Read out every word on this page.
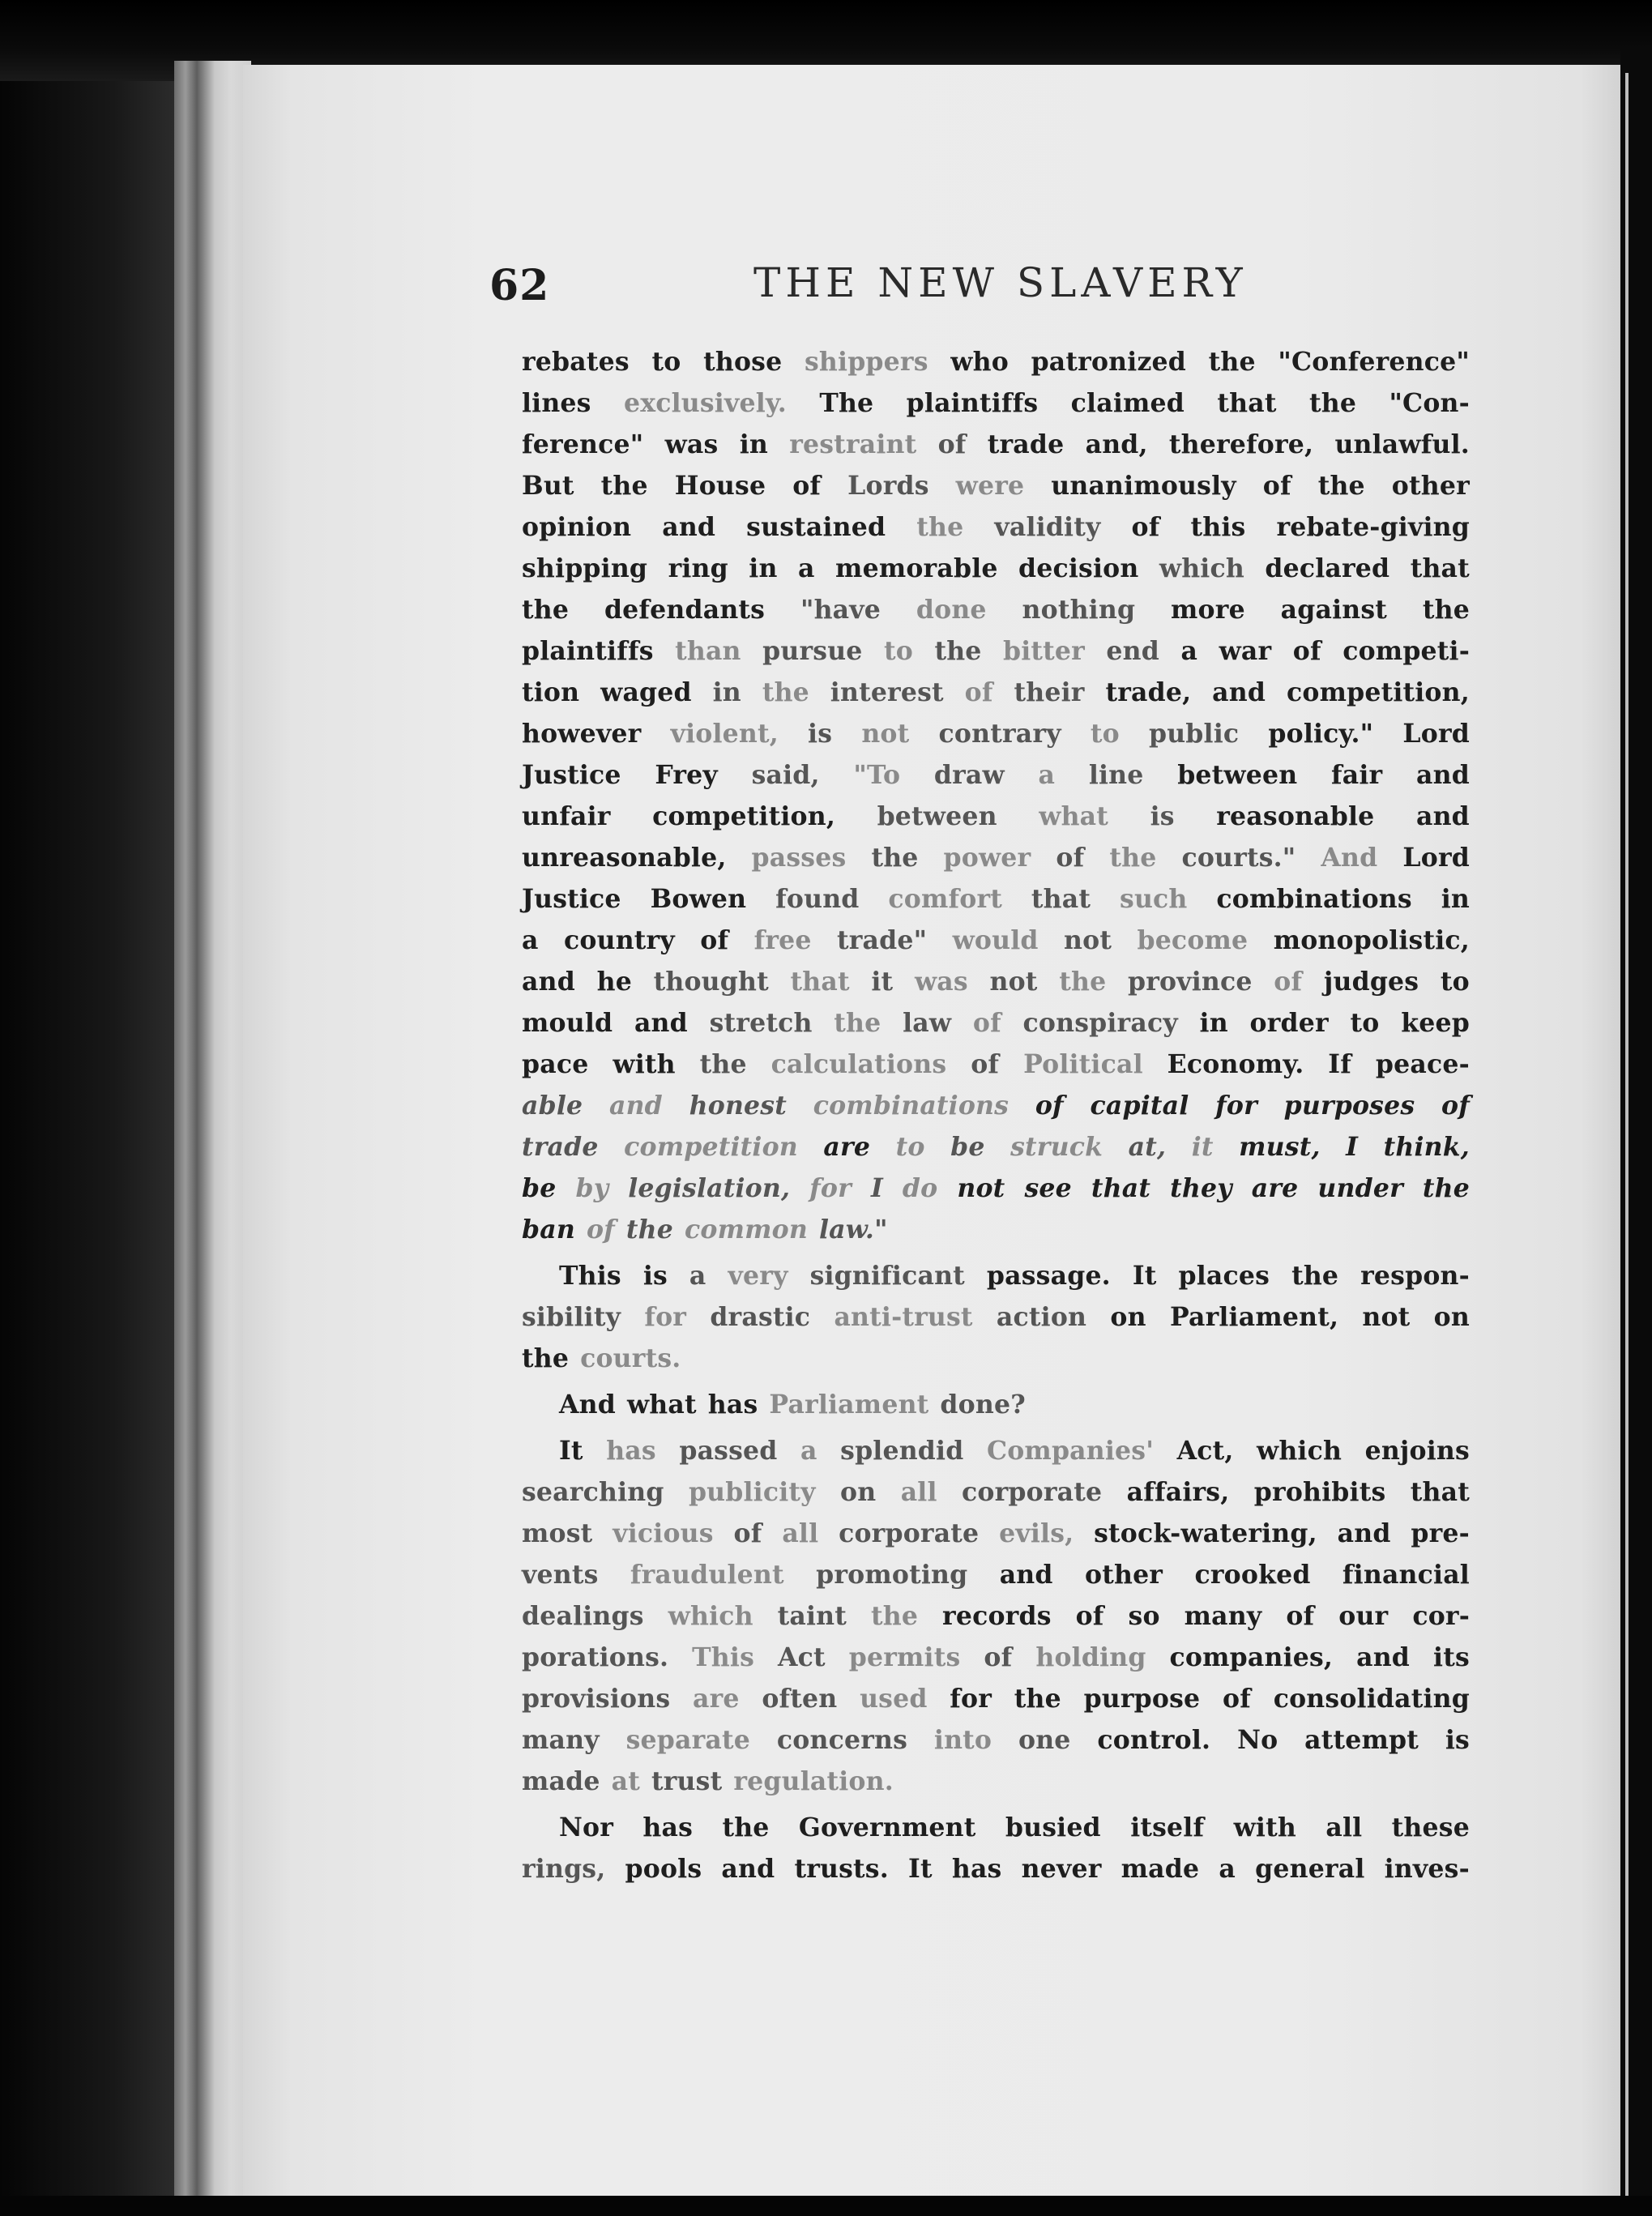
62	THE NEW SLAVERY
rebates to those shippers who patronized the "Conference"
lines exclusively. The plaintiffs claimed that the "Con-
ference" was in restraint of trade and, therefore, unlawful.
But the House of Lords were unanimously of the other
opinion and sustained the validity of this rebate-giving
shipping ring in a memorable decision which declared that
the defendants "have done nothing more against the
plaintiffs than pursue to the bitter end a war of competi-
tion waged in the interest of their trade, and competition,
however violent, is not contrary to public policy." Lord
Justice Frey said, "To draw a line between fair and
unfair competition, between what is reasonable and
unreasonable, passes the power of the courts." And Lord
Justice Bowen found comfort that such combinations in
a country of free trade" would not become monopolistic,
and he thought that it was not the province of judges to
mould and stretch the law of conspiracy in order to keep
pace with the calculations of Political Economy. If peace-
able and honest combinations of capital for purposes of
trade competition are to be struck at, it must, I think,
be by legislation, for I do not see that they are under the
ban of the common law."
This is a very significant passage. It places the respon-
sibility for drastic anti-trust action on Parliament, not on
the courts.
And what has Parliament done?
It has passed a splendid Companies' Act, which enjoins
searching publicity on all corporate affairs, prohibits that
most vicious of all corporate evils, stock-watering, and pre-
vents fraudulent promoting and other crooked financial
dealings which taint the records of so many of our cor-
porations. This Act permits of holding companies, and its
provisions are often used for the purpose of consolidating
many separate concerns into one control. No attempt is
made at trust regulation.
Nor has the Government busied itself with all these
rings, pools and trusts. It has never made a general inves-
